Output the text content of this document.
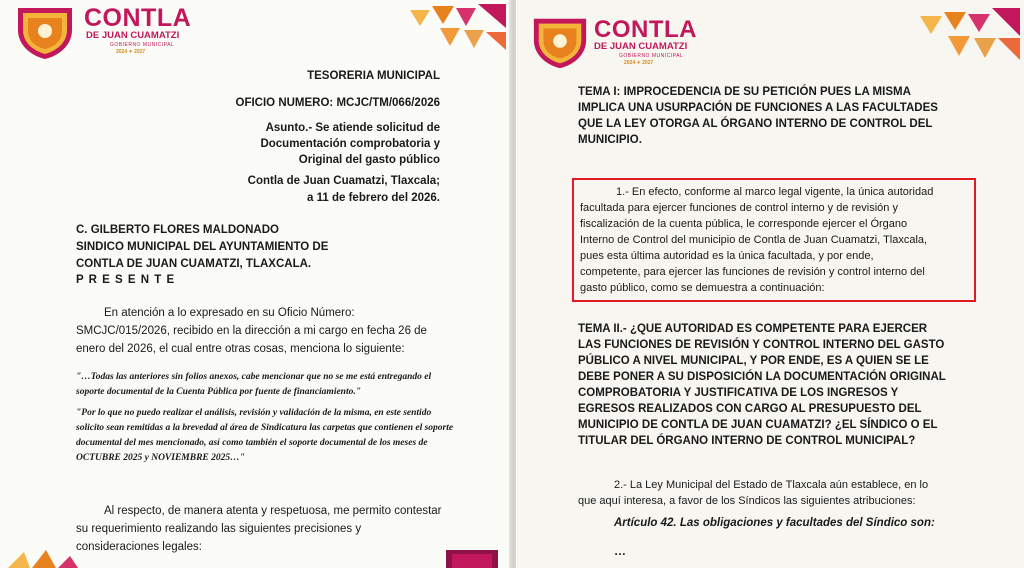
CONTLA
DE JUAN CUAMATZI
GOBIERNO MUNICIPAL
2024 ✦ 2027
TESORERIA MUNICIPAL
OFICIO NUMERO: MCJC/TM/066/2026
Asunto.- Se atiende solicitud de
Documentación comprobatoria y
Original del gasto público
Contla de Juan Cuamatzi, Tlaxcala;
a 11 de febrero del 2026.
C. GILBERTO FLORES MALDONADO
SINDICO MUNICIPAL DEL AYUNTAMIENTO DE
CONTLA DE JUAN CUAMATZI, TLAXCALA.
P R E S E N T E
En atención a lo expresado en su Oficio Número:
SMCJC/015/2026, recibido en la dirección a mi cargo en fecha 26 de
enero del 2026, el cual entre otras cosas, menciona lo siguiente:
"…Todas las anteriores sin folios anexos, cabe mencionar que no se me está entregando el
soporte documental de la Cuenta Pública por fuente de financiamiento."
"Por lo que no puedo realizar el análisis, revisión y validación de la misma, en este sentido
solicito sean remitidas a la brevedad al área de Sindicatura las carpetas que contienen el soporte
documental del mes mencionado, así como también el soporte documental de los meses de
OCTUBRE 2025 y NOVIEMBRE 2025…"
Al respecto, de manera atenta y respetuosa, me permito contestar
su requerimiento realizando las siguientes precisiones y
consideraciones legales:
CONTLA
DE JUAN CUAMATZI
GOBIERNO MUNICIPAL
2024 ✦ 2027
TEMA I: IMPROCEDENCIA DE SU PETICIÓN PUES LA MISMA
IMPLICA UNA USURPACIÓN DE FUNCIONES A LAS FACULTADES
QUE LA LEY OTORGA AL ÓRGANO INTERNO DE CONTROL DEL
MUNICIPIO.
1.- En efecto, conforme al marco legal vigente, la única autoridad
facultada para ejercer funciones de control interno y de revisión y
fiscalización de la cuenta pública, le corresponde ejercer el Órgano
Interno de Control del municipio de Contla de Juan Cuamatzi, Tlaxcala,
pues esta última autoridad es la única facultada, y por ende,
competente, para ejercer las funciones de revisión y control interno del
gasto público, como se demuestra a continuación:
TEMA II.- ¿QUE AUTORIDAD ES COMPETENTE PARA EJERCER
LAS FUNCIONES DE REVISIÓN Y CONTROL INTERNO DEL GASTO
PÚBLICO A NIVEL MUNICIPAL, Y POR ENDE, ES A QUIEN SE LE
DEBE PONER A SU DISPOSICIÓN LA DOCUMENTACIÓN ORIGINAL
COMPROBATORIA Y JUSTIFICATIVA DE LOS INGRESOS Y
EGRESOS REALIZADOS CON CARGO AL PRESUPUESTO DEL
MUNICIPIO DE CONTLA DE JUAN CUAMATZI? ¿EL SÍNDICO O EL
TITULAR DEL ÓRGANO INTERNO DE CONTROL MUNICIPAL?
2.- La Ley Municipal del Estado de Tlaxcala aún establece, en lo
que aquí interesa, a favor de los Síndicos las siguientes atribuciones:
Artículo 42. Las obligaciones y facultades del Síndico son:
…
